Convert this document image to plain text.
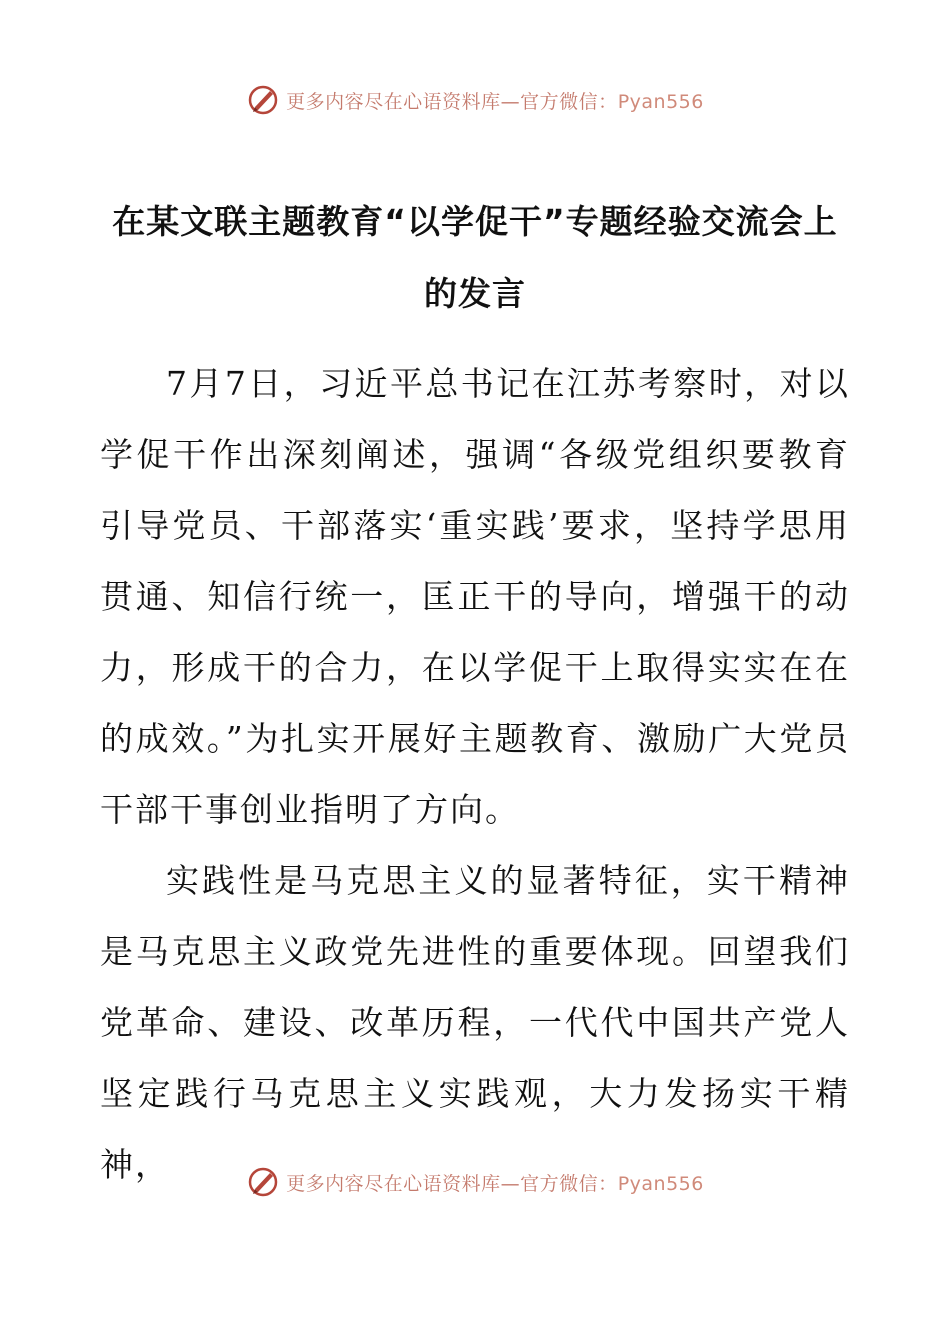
更多内容尽在心语资料库—官方微信：Pyan556
在某文联主题教育“以学促干”专题经验交流会上的发言

7月7日，习近平总书记在江苏考察时，对以学促干作出深刻阐述，强调“各级党组织要教育引导党员、干部落实‘重实践’要求，坚持学思用贯通、知信行统一，匡正干的导向，增强干的动力，形成干的合力，在以学促干上取得实实在在的成效。”为扎实开展好主题教育、激励广大党员干部干事创业指明了方向。

实践性是马克思主义的显著特征，实干精神是马克思主义政党先进性的重要体现。回望我们党革命、建设、改革历程，一代代中国共产党人坚定践行马克思主义实践观，大力发扬实干精神，	更多内容尽在心语资料库—官方微信：Pyan556
